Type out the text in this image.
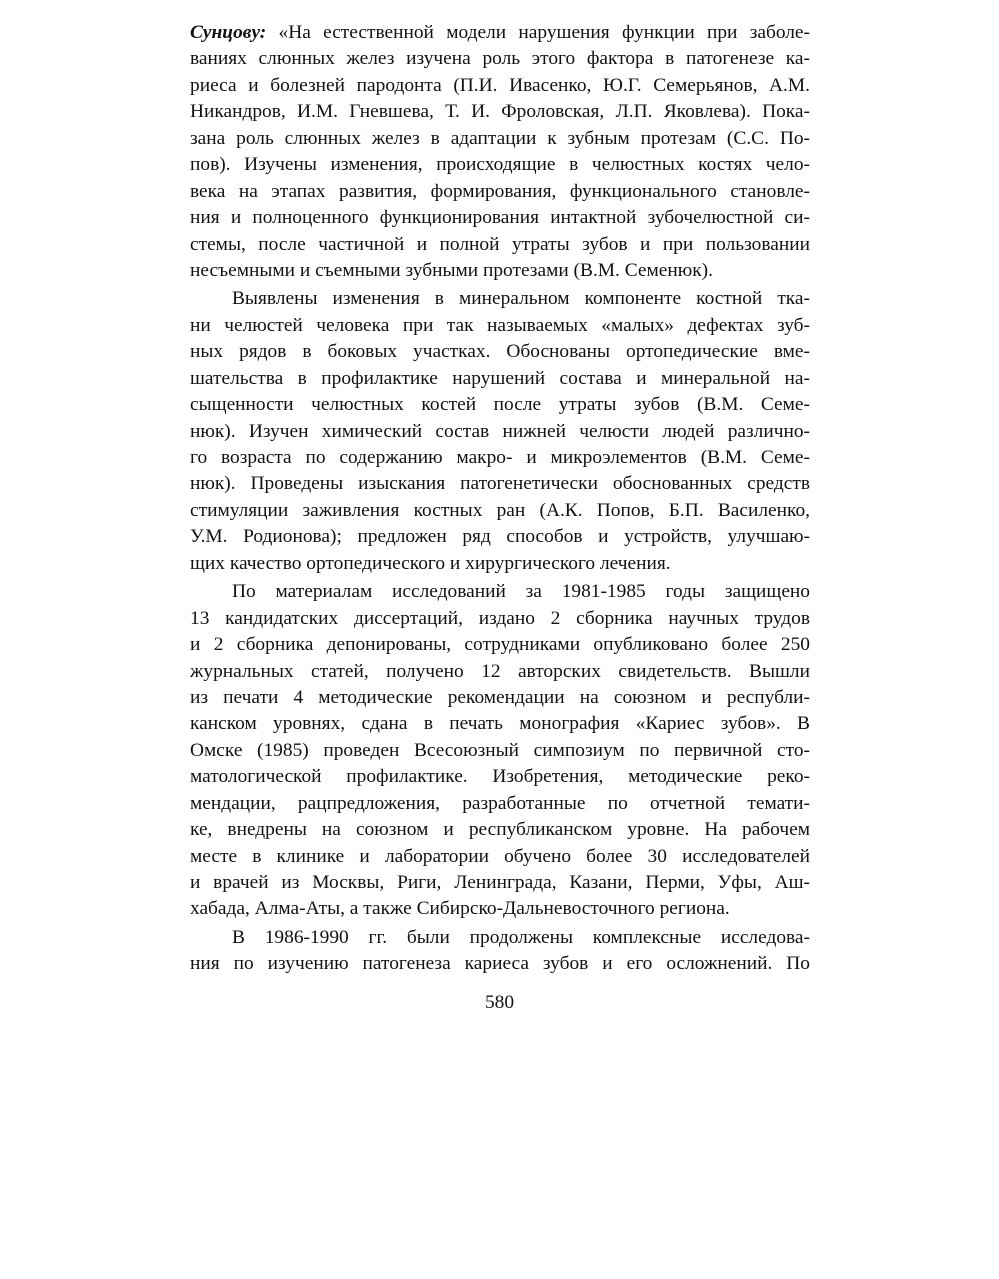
Сунцову: «На естественной модели нарушения функции при заболе-
ваниях слюнных желез изучена роль этого фактора в патогенезе ка-
риеса и болезней пародонта (П.И. Ивасенко, Ю.Г. Семерьянов, А.М.
Никандров, И.М. Гневшева, Т. И. Фроловская, Л.П. Яковлева). Пока-
зана роль слюнных желез в адаптации к зубным протезам (С.С. По-
пов). Изучены изменения, происходящие в челюстных костях чело-
века на этапах развития, формирования, функционального становле-
ния и полноценного функционирования интактной зубочелюстной си-
стемы, после частичной и полной утраты зубов и при пользовании
несъемными и съемными зубными протезами (В.М. Семенюк).
Выявлены изменения в минеральном компоненте костной тка-
ни челюстей человека при так называемых «малых» дефектах зуб-
ных рядов в боковых участках. Обоснованы ортопедические вме-
шательства в профилактике нарушений состава и минеральной на-
сыщенности челюстных костей после утраты зубов (В.М. Семе-
нюк). Изучен химический состав нижней челюсти людей различно-
го возраста по содержанию макро- и микроэлементов (В.М. Семе-
нюк). Проведены изыскания патогенетически обоснованных средств
стимуляции заживления костных ран (А.К. Попов, Б.П. Василенко,
У.М. Родионова); предложен ряд способов и устройств, улучшаю-
щих качество ортопедического и хирургического лечения.
По материалам исследований за 1981-1985 годы защищено
13 кандидатских диссертаций, издано 2 сборника научных трудов
и 2 сборника депонированы, сотрудниками опубликовано более 250
журнальных статей, получено 12 авторских свидетельств. Вышли
из печати 4 методические рекомендации на союзном и республи-
канском уровнях, сдана в печать монография «Кариес зубов». В
Омске (1985) проведен Всесоюзный симпозиум по первичной сто-
матологической профилактике. Изобретения, методические реко-
мендации, рацпредложения, разработанные по отчетной темати-
ке, внедрены на союзном и республиканском уровне. На рабочем
месте в клинике и лаборатории обучено более 30 исследователей
и врачей из Москвы, Риги, Ленинграда, Казани, Перми, Уфы, Аш-
хабада, Алма-Аты, а также Сибирско-Дальневосточного региона.
В 1986-1990 гг. были продолжены комплексные исследова-
ния по изучению патогенеза кариеса зубов и его осложнений. По
580
